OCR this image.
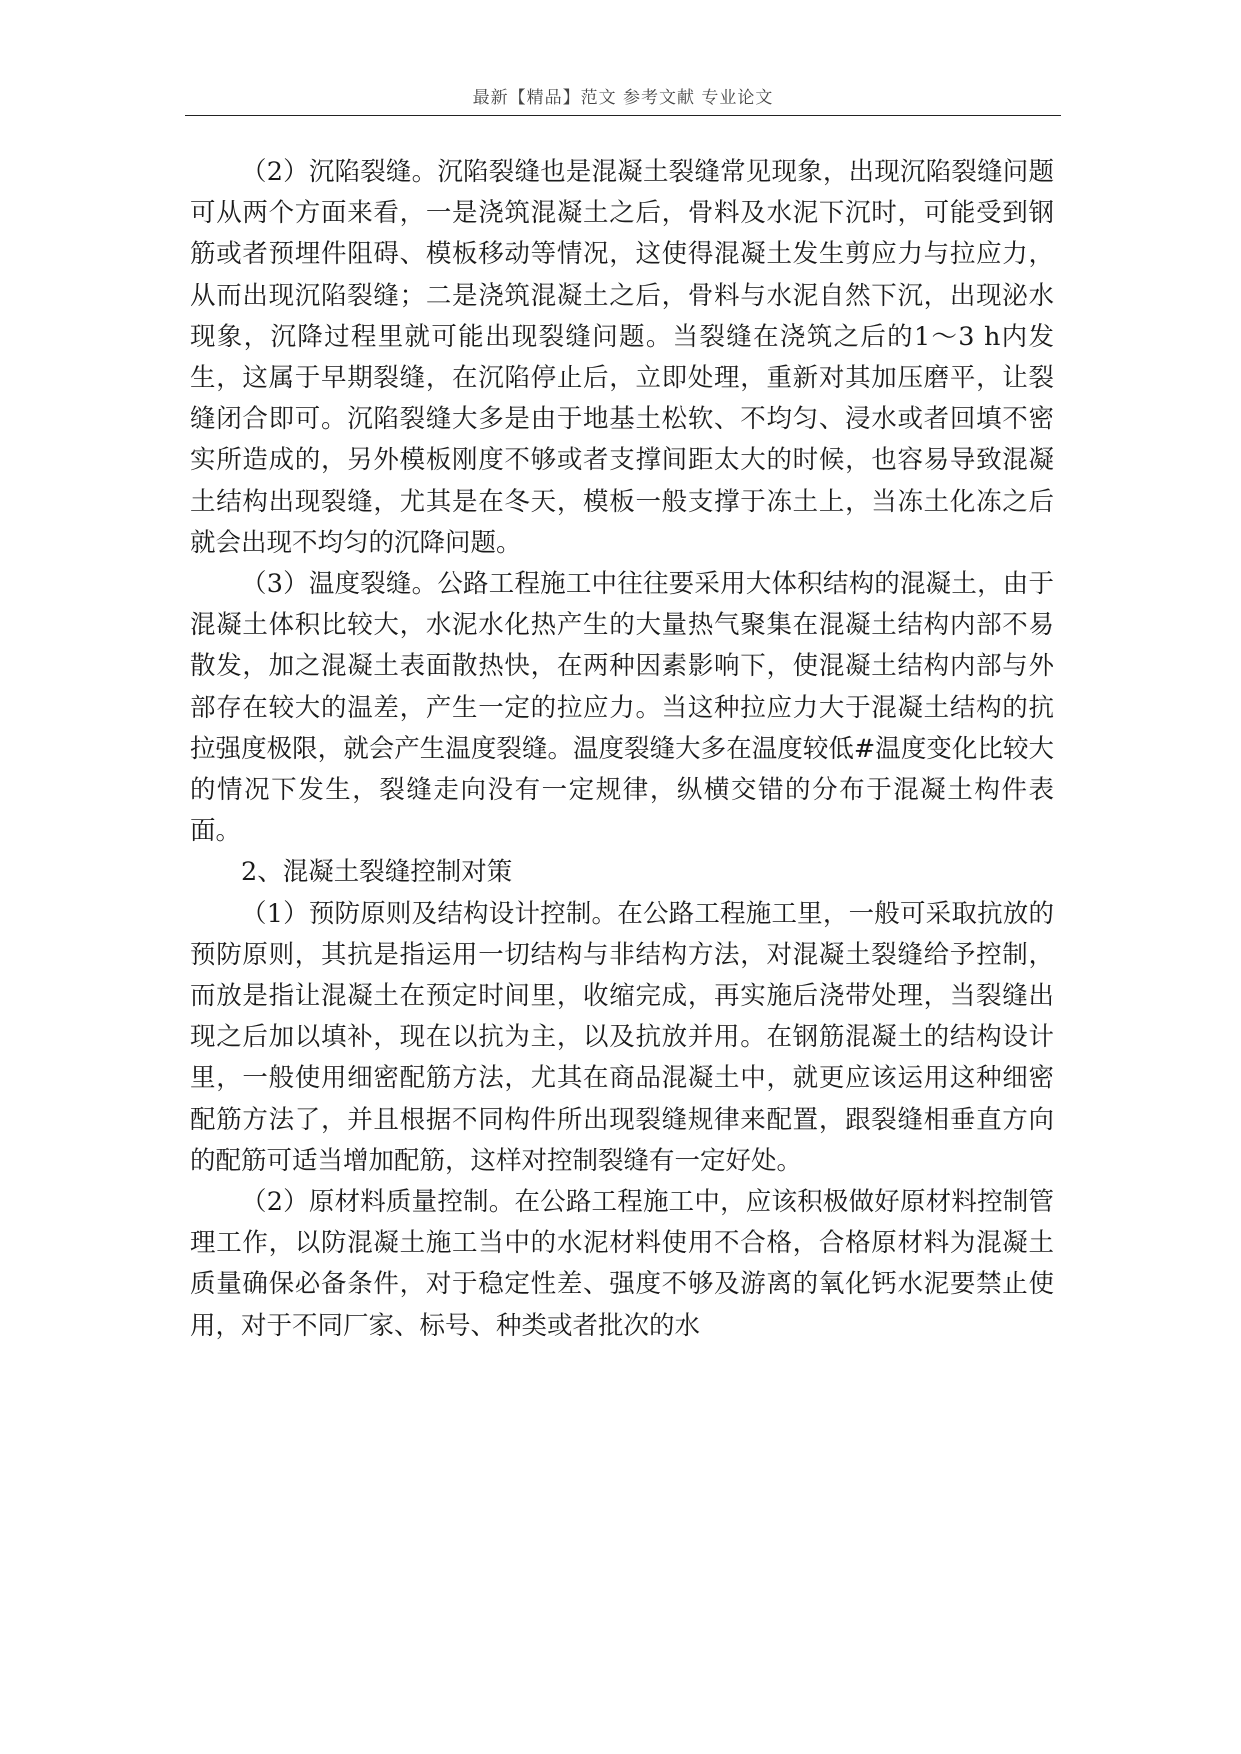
最新【精品】范文 参考文献 专业论文

（2）沉陷裂缝。沉陷裂缝也是混凝土裂缝常见现象，出现沉陷裂缝问题可从两个方面来看，一是浇筑混凝土之后，骨料及水泥下沉时，可能受到钢筋或者预埋件阻碍、模板移动等情况，这使得混凝土发生剪应力与拉应力，从而出现沉陷裂缝；二是浇筑混凝土之后，骨料与水泥自然下沉，出现泌水现象，沉降过程里就可能出现裂缝问题。当裂缝在浇筑之后的1～3 h内发生，这属于早期裂缝，在沉陷停止后，立即处理，重新对其加压磨平，让裂缝闭合即可。沉陷裂缝大多是由于地基土松软、不均匀、浸水或者回填不密实所造成的，另外模板刚度不够或者支撑间距太大的时候，也容易导致混凝土结构出现裂缝，尤其是在冬天，模板一般支撑于冻土上，当冻土化冻之后就会出现不均匀的沉降问题。

（3）温度裂缝。公路工程施工中往往要采用大体积结构的混凝土，由于混凝土体积比较大，水泥水化热产生的大量热气聚集在混凝土结构内部不易散发，加之混凝土表面散热快，在两种因素影响下，使混凝土结构内部与外部存在较大的温差，产生一定的拉应力。当这种拉应力大于混凝土结构的抗拉强度极限，就会产生温度裂缝。温度裂缝大多在温度较低#温度变化比较大的情况下发生，裂缝走向没有一定规律，纵横交错的分布于混凝土构件表面。

2、混凝土裂缝控制对策

（1）预防原则及结构设计控制。在公路工程施工里，一般可采取抗放的预防原则，其抗是指运用一切结构与非结构方法，对混凝土裂缝给予控制，而放是指让混凝土在预定时间里，收缩完成，再实施后浇带处理，当裂缝出现之后加以填补，现在以抗为主，以及抗放并用。在钢筋混凝土的结构设计里，一般使用细密配筋方法，尤其在商品混凝土中，就更应该运用这种细密配筋方法了，并且根据不同构件所出现裂缝规律来配置，跟裂缝相垂直方向的配筋可适当增加配筋，这样对控制裂缝有一定好处。

（2）原材料质量控制。在公路工程施工中，应该积极做好原材料控制管理工作，以防混凝土施工当中的水泥材料使用不合格，合格原材料为混凝土质量确保必备条件，对于稳定性差、强度不够及游离的氧化钙水泥要禁止使用，对于不同厂家、标号、种类或者批次的水
